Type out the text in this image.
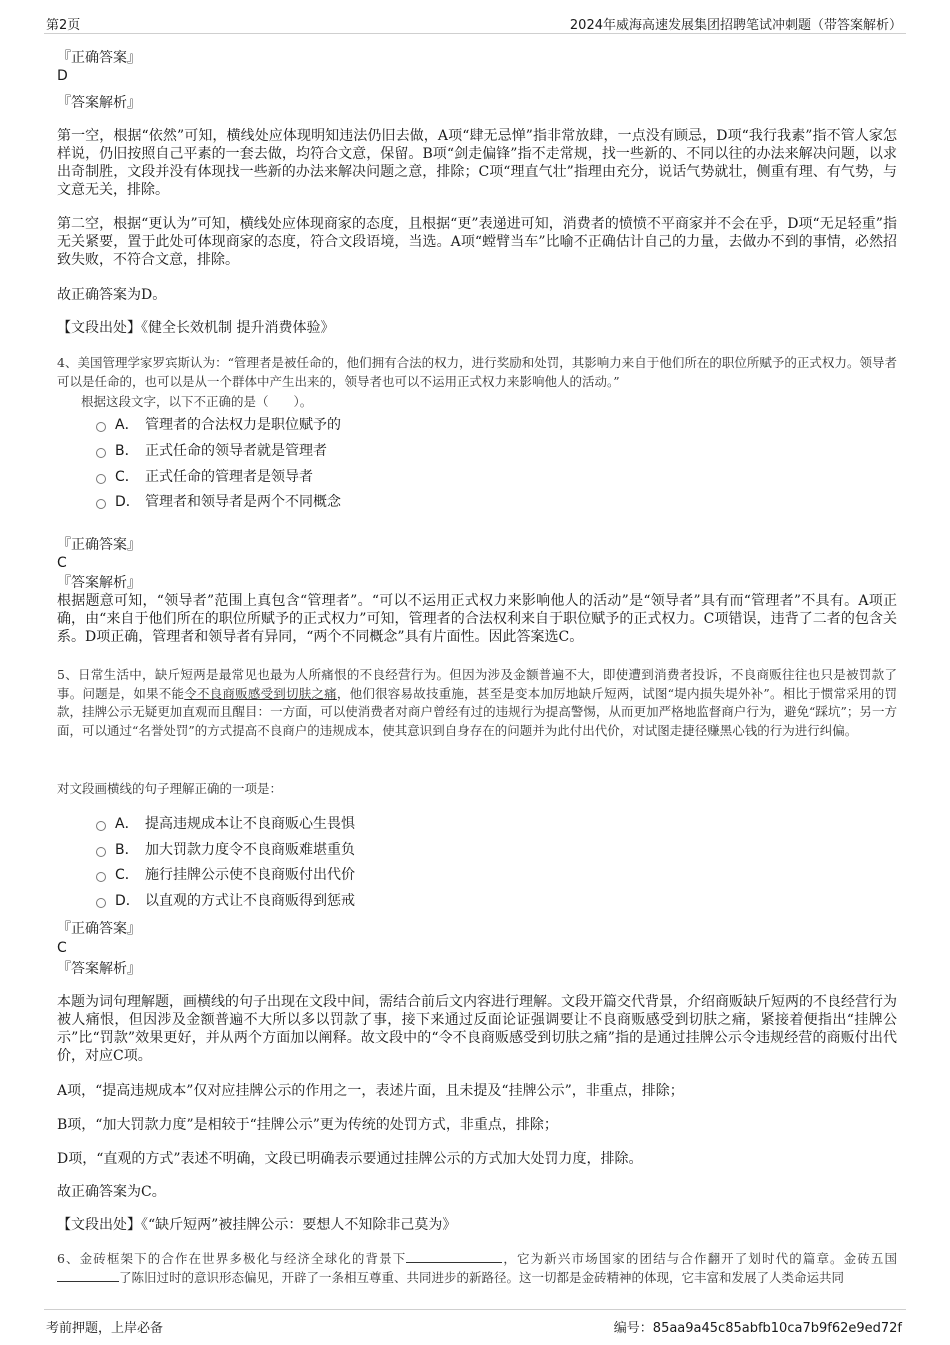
第2页	2024年威海高速发展集团招聘笔试冲刺题（带答案解析）
『正确答案』
D
『答案解析』
第一空，根据“依然”可知，横线处应体现明知违法仍旧去做，A项“肆无忌惮”指非常放肆，一点没有顾忌，D项“我行我素”指不管人家怎样说，仍旧按照自己平素的一套去做，均符合文意，保留。B项“剑走偏锋”指不走常规，找一些新的、不同以往的办法来解决问题，以求出奇制胜，文段并没有体现找一些新的办法来解决问题之意，排除；C项“理直气壮”指理由充分，说话气势就壮，侧重有理、有气势，与文意无关，排除。
第二空，根据“更认为”可知，横线处应体现商家的态度，且根据“更”表递进可知，消费者的愤愤不平商家并不会在乎，D项“无足轻重”指无关紧要，置于此处可体现商家的态度，符合文段语境，当选。A项“螳臂当车”比喻不正确估计自己的力量，去做办不到的事情，必然招致失败，不符合文意，排除。
故正确答案为D。
【文段出处】《健全长效机制 提升消费体验》
4、美国管理学家罗宾斯认为：“管理者是被任命的，他们拥有合法的权力，进行奖励和处罚，其影响力来自于他们所在的职位所赋予的正式权力。领导者可以是任命的，也可以是从一个群体中产生出来的，领导者也可以不运用正式权力来影响他人的活动。”
根据这段文字，以下不正确的是（　　）。
A． 管理者的合法权力是职位赋予的
B． 正式任命的领导者就是管理者
C． 正式任命的管理者是领导者
D． 管理者和领导者是两个不同概念
『正确答案』
C
『答案解析』
根据题意可知，“领导者”范围上真包含“管理者”。“可以不运用正式权力来影响他人的活动”是“领导者”具有而“管理者”不具有。A项正确，由“来自于他们所在的职位所赋予的正式权力”可知，管理者的合法权利来自于职位赋予的正式权力。C项错误，违背了二者的包含关系。D项正确，管理者和领导者有异同，“两个不同概念”具有片面性。因此答案选C。
5、日常生活中，缺斤短两是最常见也最为人所痛恨的不良经营行为。但因为涉及金额普遍不大，即使遭到消费者投诉，不良商贩往往也只是被罚款了事。问题是，如果不能令不良商贩感受到切肤之痛，他们很容易故技重施，甚至是变本加厉地缺斤短两，试图“堤内损失堤外补”。相比于惯常采用的罚款，挂牌公示无疑更加直观而且醒目：一方面，可以使消费者对商户曾经有过的违规行为提高警惕，从而更加严格地监督商户行为，避免“踩坑”；另一方面，可以通过“名誉处罚”的方式提高不良商户的违规成本，使其意识到自身存在的问题并为此付出代价，对试图走捷径赚黑心钱的行为进行纠偏。
对文段画横线的句子理解正确的一项是：
A． 提高违规成本让不良商贩心生畏惧
B． 加大罚款力度令不良商贩难堪重负
C． 施行挂牌公示使不良商贩付出代价
D． 以直观的方式让不良商贩得到惩戒
『正确答案』
C
『答案解析』
本题为词句理解题，画横线的句子出现在文段中间，需结合前后文内容进行理解。文段开篇交代背景，介绍商贩缺斤短两的不良经营行为被人痛恨，但因涉及金额普遍不大所以多以罚款了事，接下来通过反面论证强调要让不良商贩感受到切肤之痛，紧接着便指出“挂牌公示”比“罚款”效果更好，并从两个方面加以阐释。故文段中的“令不良商贩感受到切肤之痛”指的是通过挂牌公示令违规经营的商贩付出代价，对应C项。
A项，“提高违规成本”仅对应挂牌公示的作用之一，表述片面，且未提及“挂牌公示”，非重点，排除；
B项，“加大罚款力度”是相较于“挂牌公示”更为传统的处罚方式，非重点，排除；
D项，“直观的方式”表述不明确，文段已明确表示要通过挂牌公示的方式加大处罚力度，排除。
故正确答案为C。
【文段出处】《“缺斤短两”被挂牌公示：要想人不知除非己莫为》
6、金砖框架下的合作在世界多极化与经济全球化的背景下	，它为新兴市场国家的团结与合作翻开了划时代的篇章。金砖五国了陈旧过时的意识形态偏见，开辟了一条相互尊重、共同进步的新路径。这一切都是金砖精神的体现，它丰富和发展了人类命运共同
考前押题，上岸必备	编号：85aa9a45c85abfb10ca7b9f62e9ed72f
